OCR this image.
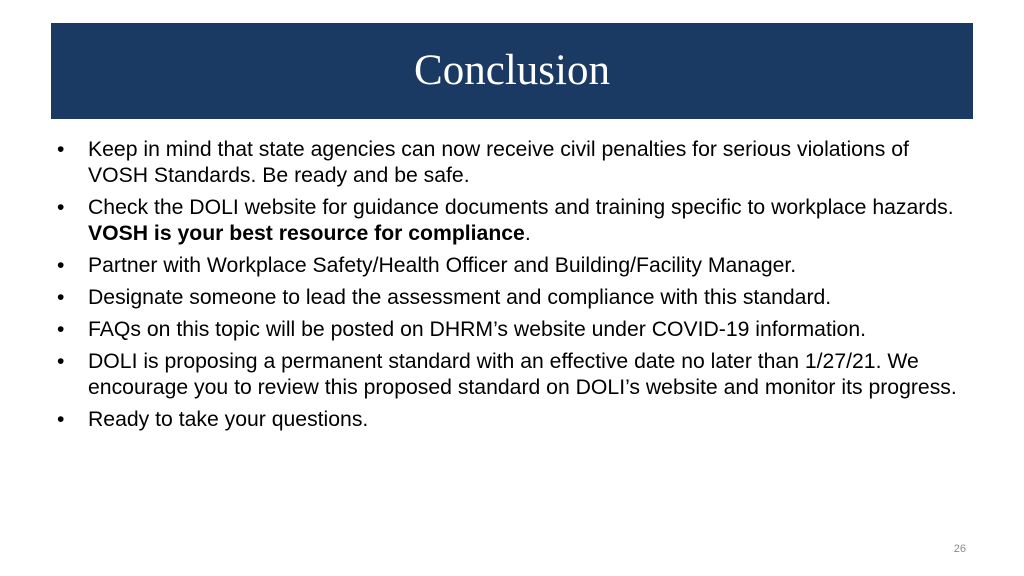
Conclusion
•	Keep in mind that state agencies can now receive civil penalties for serious violations of VOSH Standards. Be ready and be safe.
•	Check the DOLI website for guidance documents and training specific to workplace hazards. VOSH is your best resource for compliance.
•	Partner with Workplace Safety/Health Officer and Building/Facility Manager.
•	Designate someone to lead the assessment and compliance with this standard.
•	FAQs on this topic will be posted on DHRM’s website under COVID-19 information.
•	DOLI is proposing a permanent standard with an effective date no later than 1/27/21. We encourage you to review this proposed standard on DOLI’s website and monitor its progress.
•	Ready to take your questions.
26
